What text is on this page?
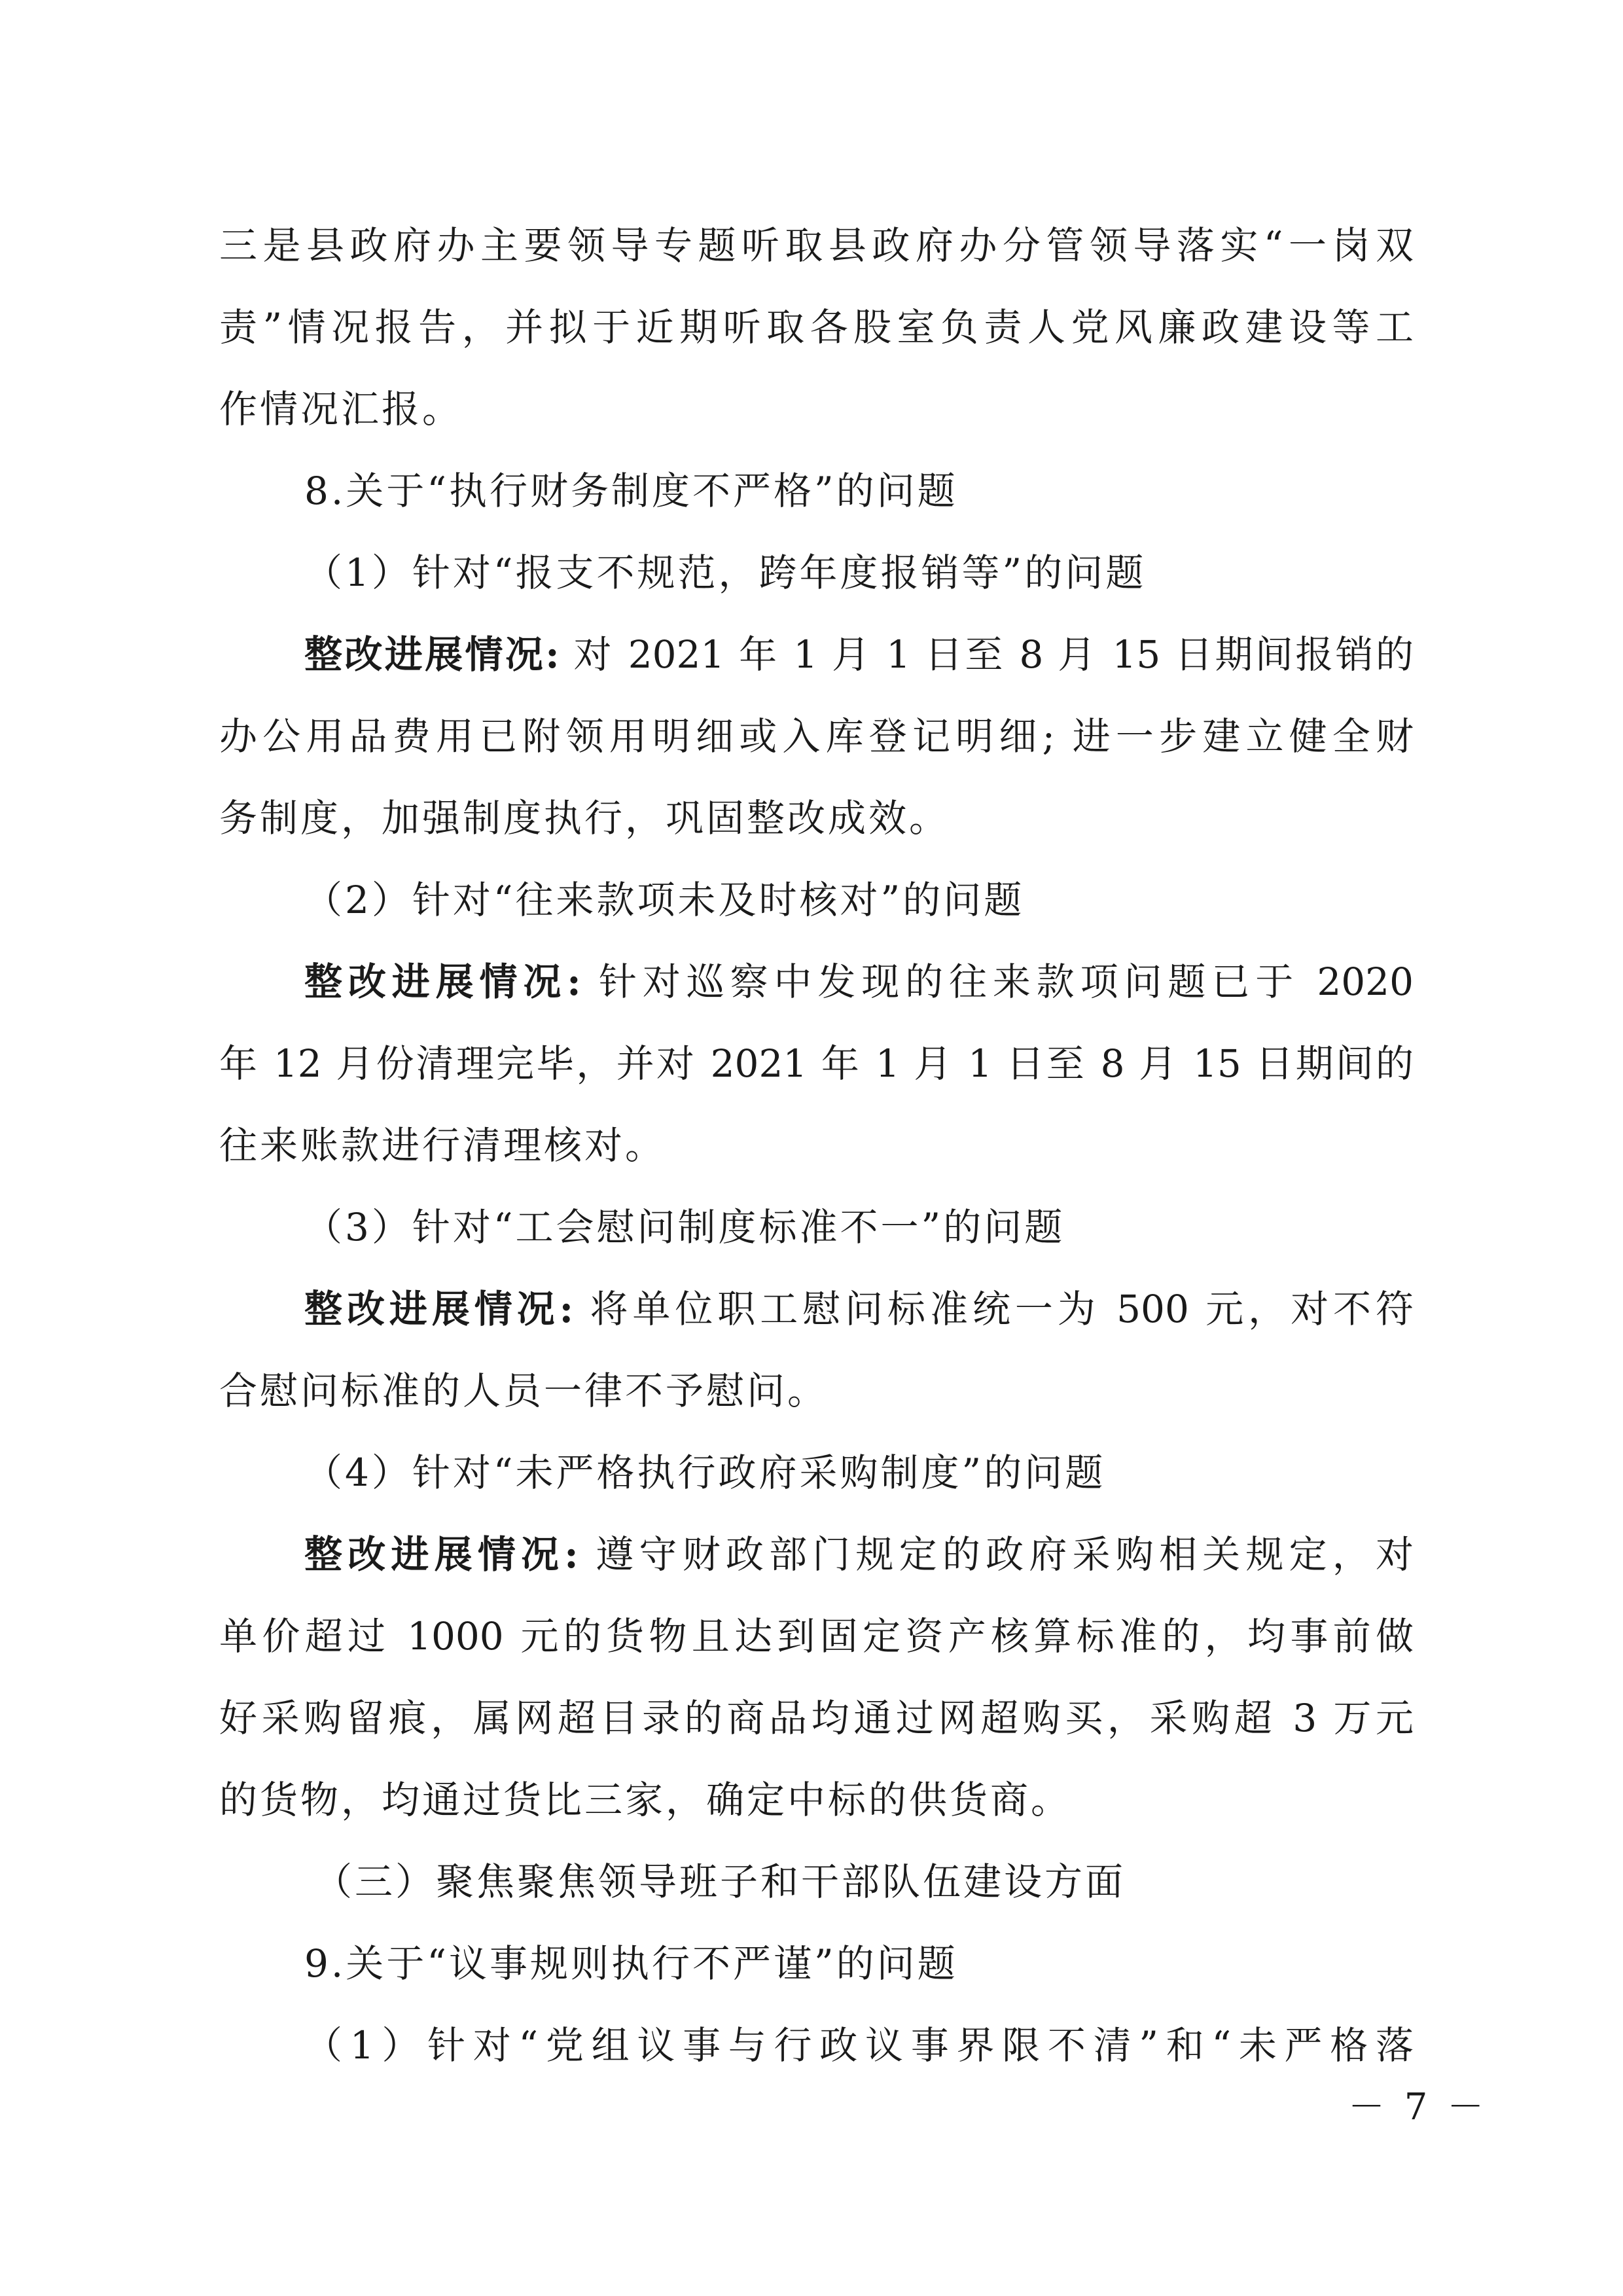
三是县政府办主要领导专题听取县政府办分管领导落实“一岗双
责”情况报告，并拟于近期听取各股室负责人党风廉政建设等工
作情况汇报。
8.关于“执行财务制度不严格”的问题
（1）针对“报支不规范，跨年度报销等”的问题
整改进展情况: 对 2021 年 1 月 1 日至 8 月 15 日期间报销的
办公用品费用已附领用明细或入库登记明细; 进一步建立健全财
务制度，加强制度执行，巩固整改成效。
（2）针对“往来款项未及时核对”的问题
整改进展情况: 针对巡察中发现的往来款项问题已于 2020
年 12 月份清理完毕，并对 2021 年 1 月 1 日至 8 月 15 日期间的
往来账款进行清理核对。
（3）针对“工会慰问制度标准不一”的问题
整改进展情况: 将单位职工慰问标准统一为 500 元，对不符
合慰问标准的人员一律不予慰问。
（4）针对“未严格执行政府采购制度”的问题
整改进展情况: 遵守财政部门规定的政府采购相关规定，对
单价超过 1000 元的货物且达到固定资产核算标准的，均事前做
好采购留痕，属网超目录的商品均通过网超购买，采购超 3 万元
的货物，均通过货比三家，确定中标的供货商。
（三）聚焦聚焦领导班子和干部队伍建设方面
9.关于“议事规则执行不严谨”的问题
（1）针对“党组议事与行政议事界限不清”和“未严格落
－ 7 －
